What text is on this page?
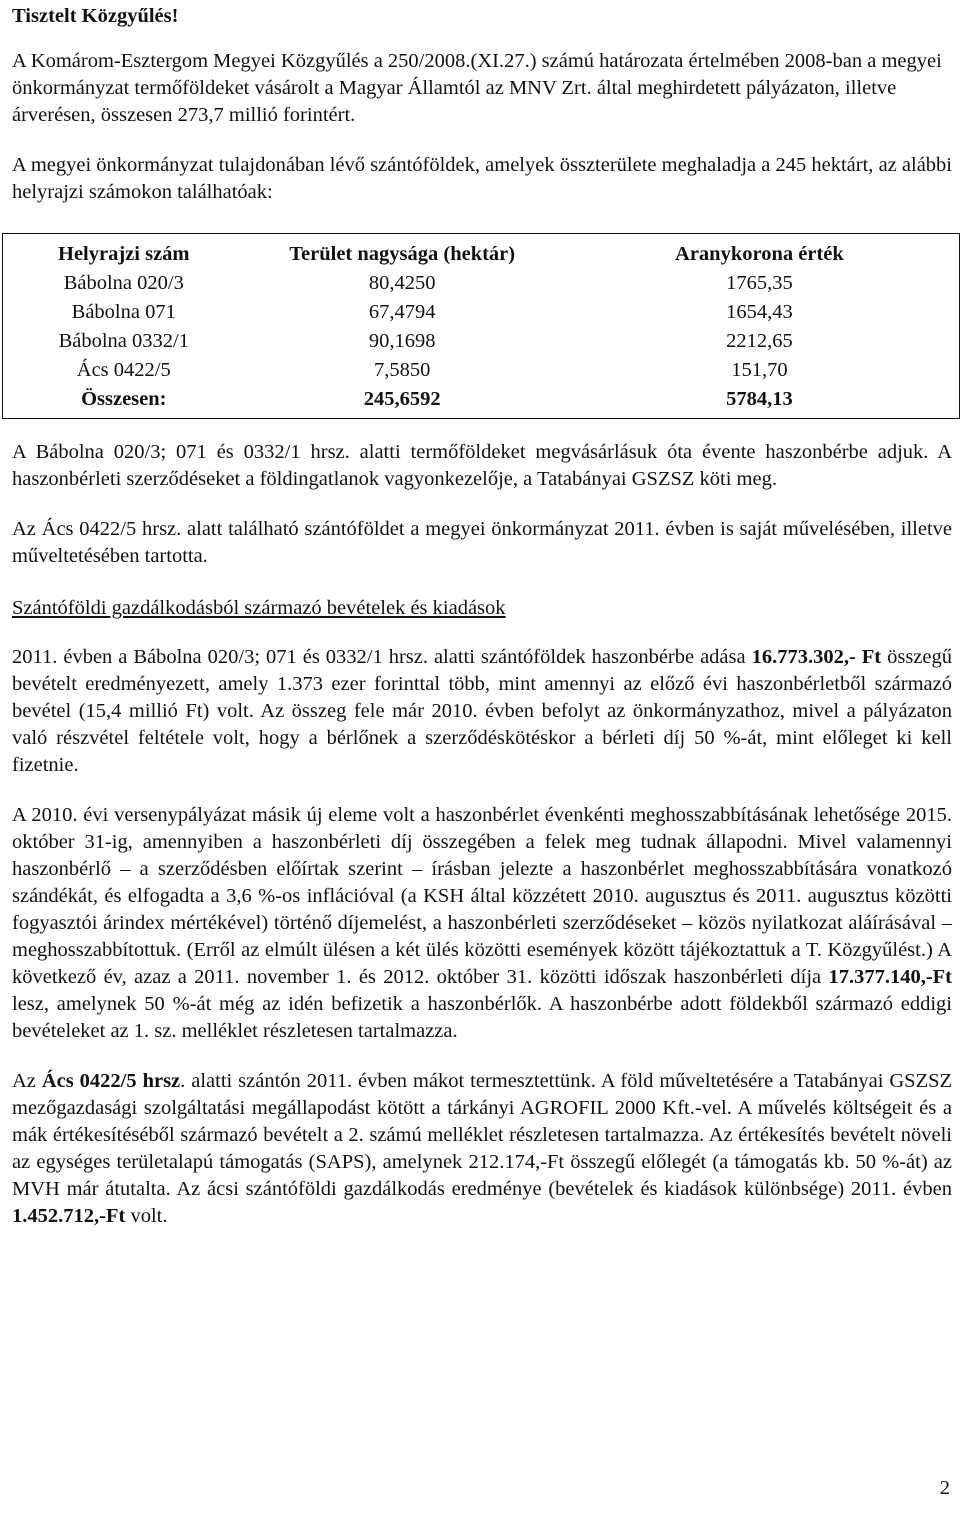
Tisztelt Közgyűlés!

A Komárom-Esztergom Megyei Közgyűlés a 250/2008.(XI.27.) számú határozata értelmében 2008-ban a megyei önkormányzat termőföldeket vásárolt a Magyar Államtól az MNV Zrt. által meghirdetett pályázaton, illetve árverésen, összesen 273,7 millió forintért.

A megyei önkormányzat tulajdonában lévő szántóföldek, amelyek összterülete meghaladja a 245 hektárt, az alábbi helyrajzi számokon találhatóak:

Helyrajzi szám	Terület nagysága (hektár)	Aranykorona érték
Bábolna 020/3	80,4250	1765,35
Bábolna 071	67,4794	1654,43
Bábolna 0332/1	90,1698	2212,65
Ács 0422/5	7,5850	151,70
Összesen:	245,6592	5784,13

A Bábolna 020/3; 071 és 0332/1 hrsz. alatti termőföldeket megvásárlásuk óta évente haszonbérbe adjuk. A haszonbérleti szerződéseket a földingatlanok vagyonkezelője, a Tatabányai GSZSZ köti meg.

Az Ács 0422/5 hrsz. alatt található szántóföldet a megyei önkormányzat 2011. évben is saját művelésében, illetve műveltetésében tartotta.

Szántóföldi gazdálkodásból származó bevételek és kiadások

2011. évben a Bábolna 020/3; 071 és 0332/1 hrsz. alatti szántóföldek haszonbérbe adása 16.773.302,- Ft összegű bevételt eredményezett, amely 1.373 ezer forinttal több, mint amennyi az előző évi haszonbérletből származó bevétel (15,4 millió Ft) volt. Az összeg fele már 2010. évben befolyt az önkormányzathoz, mivel a pályázaton való részvétel feltétele volt, hogy a bérlőnek a szerződéskötéskor a bérleti díj 50 %-át, mint előleget ki kell fizetnie.

A 2010. évi versenypályázat másik új eleme volt a haszonbérlet évenkénti meghosszabbításának lehetősége 2015. október 31-ig, amennyiben a haszonbérleti díj összegében a felek meg tudnak állapodni. Mivel valamennyi haszonbérlő – a szerződésben előírtak szerint – írásban jelezte a haszonbérlet meghosszabbítására vonatkozó szándékát, és elfogadta a 3,6 %-os inflációval (a KSH által közzétett 2010. augusztus és 2011. augusztus közötti fogyasztói árindex mértékével) történő díjemelést, a haszonbérleti szerződéseket – közös nyilatkozat aláírásával – meghosszabbítottuk. (Erről az elmúlt ülésen a két ülés közötti események között tájékoztattuk a T. Közgyűlést.) A következő év, azaz a 2011. november 1. és 2012. október 31. közötti időszak haszonbérleti díja 17.377.140,-Ft lesz, amelynek 50 %-át még az idén befizetik a haszonbérlők. A haszonbérbe adott földekből származó eddigi bevételeket az 1. sz. melléklet részletesen tartalmazza.

Az Ács 0422/5 hrsz. alatti szántón 2011. évben mákot termesztettünk. A föld műveltetésére a Tatabányai GSZSZ mezőgazdasági szolgáltatási megállapodást kötött a tárkányi AGROFIL 2000 Kft.-vel. A művelés költségeit és a mák értékesítéséből származó bevételt a 2. számú melléklet részletesen tartalmazza. Az értékesítés bevételt növeli az egységes területalapú támogatás (SAPS), amelynek 212.174,-Ft összegű előlegét (a támogatás kb. 50 %-át) az MVH már átutalta. Az ácsi szántóföldi gazdálkodás eredménye (bevételek és kiadások különbsége) 2011. évben 1.452.712,-Ft volt.

2
